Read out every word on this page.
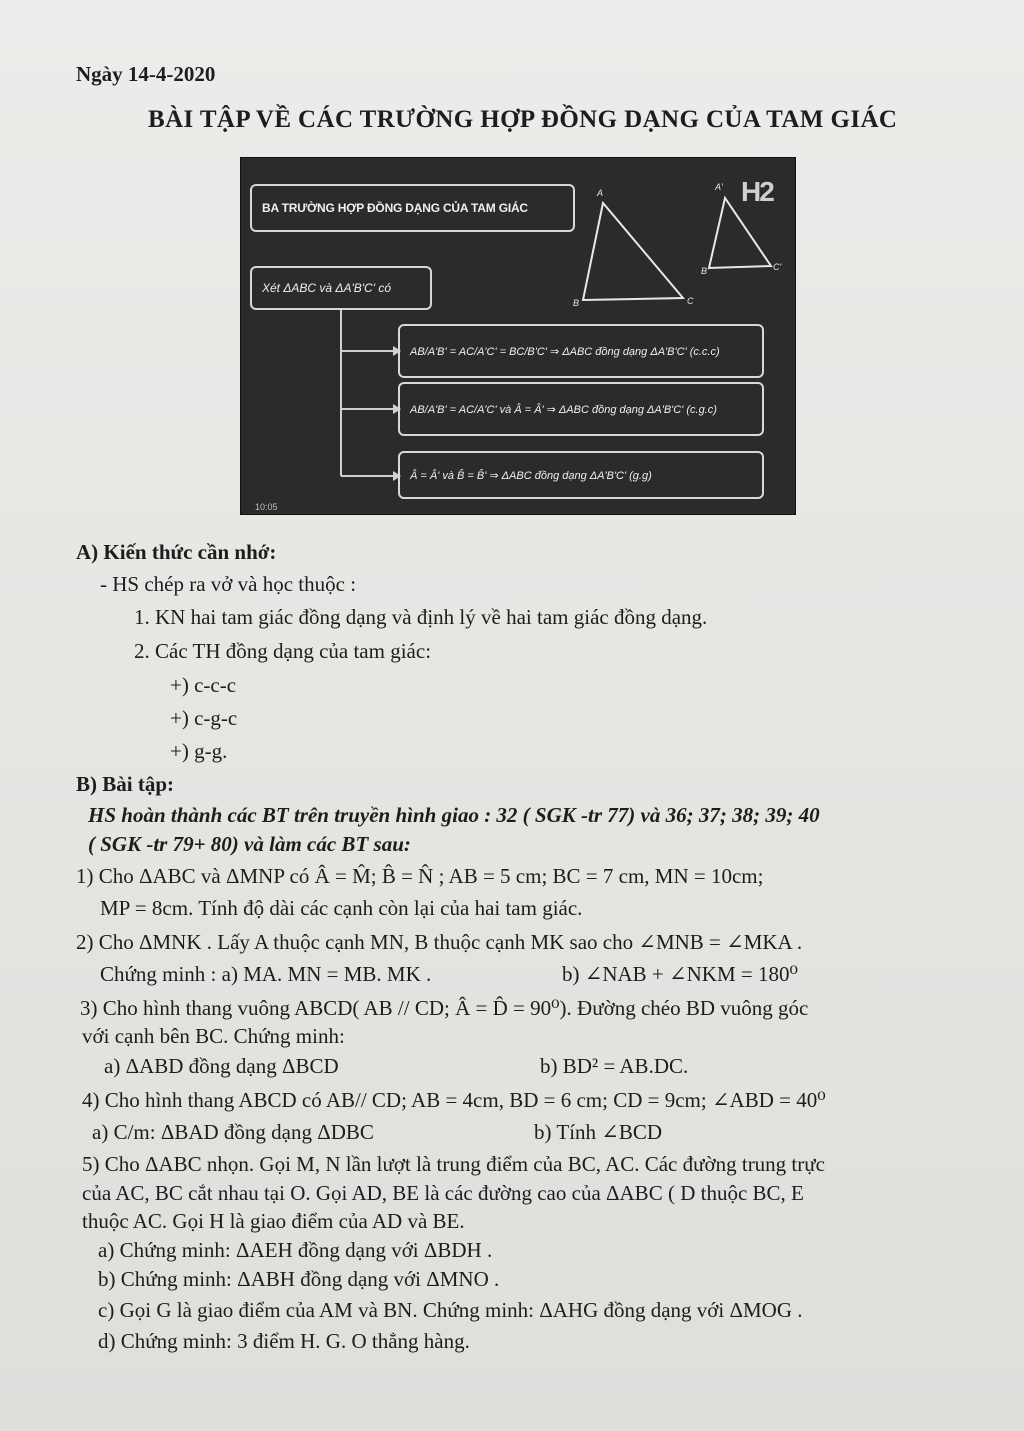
Ngày 14-4-2020
BÀI TẬP VỀ CÁC TRƯỜNG HỢP ĐỒNG DẠNG CỦA TAM GIÁC
A
B	C
A'
B'	C'
H2
BA TRƯỜNG HỢP ĐỒNG DẠNG CỦA TAM GIÁC
Xét ΔABC và ΔA'B'C' có
AB/A'B' = AC/A'C' = BC/B'C' ⇒ ΔABC đồng dạng ΔA'B'C' (c.c.c)
AB/A'B' = AC/A'C' và Â = Â' ⇒ ΔABC đồng dạng ΔA'B'C' (c.g.c)
Â = Â' và B̂ = B̂' ⇒ ΔABC đồng dạng ΔA'B'C' (g.g)
10:05
A) Kiến thức cần nhớ:
- HS chép ra vở và học thuộc :
1. KN hai tam giác đồng dạng và định lý về hai tam giác đồng dạng.
2. Các TH đồng dạng của tam giác:
+) c-c-c
+) c-g-c
+) g-g.
B) Bài tập:
HS hoàn thành các BT trên truyền hình giao : 32 ( SGK -tr 77) và 36; 37; 38; 39; 40
( SGK -tr 79+ 80) và làm các BT sau:
1) Cho ΔABC và ΔMNP có Â = M̂; B̂ = N̂ ; AB = 5 cm; BC = 7 cm, MN = 10cm;
MP = 8cm. Tính độ dài các cạnh còn lại của hai tam giác.
2) Cho ΔMNK . Lấy A thuộc cạnh MN, B thuộc cạnh MK sao cho ∠MNB = ∠MKA .
Chứng minh : a) MA. MN = MB. MK .	b) ∠NAB + ∠NKM = 180⁰
3) Cho hình thang vuông ABCD( AB // CD; Â = D̂ = 90⁰). Đường chéo BD vuông góc
với cạnh bên BC. Chứng minh:
a) ΔABD đồng dạng ΔBCD	b) BD² = AB.DC.
4) Cho hình thang ABCD có AB// CD; AB = 4cm, BD = 6 cm; CD = 9cm; ∠ABD = 40⁰
a) C/m: ΔBAD đồng dạng ΔDBC	b) Tính ∠BCD
5) Cho ΔABC nhọn. Gọi M, N lần lượt là trung điểm của BC, AC. Các đường trung trực
của AC, BC cắt nhau tại O. Gọi AD, BE là các đường cao của ΔABC ( D thuộc BC, E
thuộc AC. Gọi H là giao điểm của AD và BE.
a) Chứng minh: ΔAEH đồng dạng với ΔBDH .
b) Chứng minh: ΔABH đồng dạng với ΔMNO .
c) Gọi G là giao điểm của AM và BN. Chứng minh: ΔAHG đồng dạng với ΔMOG .
d) Chứng minh: 3 điểm H. G. O thẳng hàng.
